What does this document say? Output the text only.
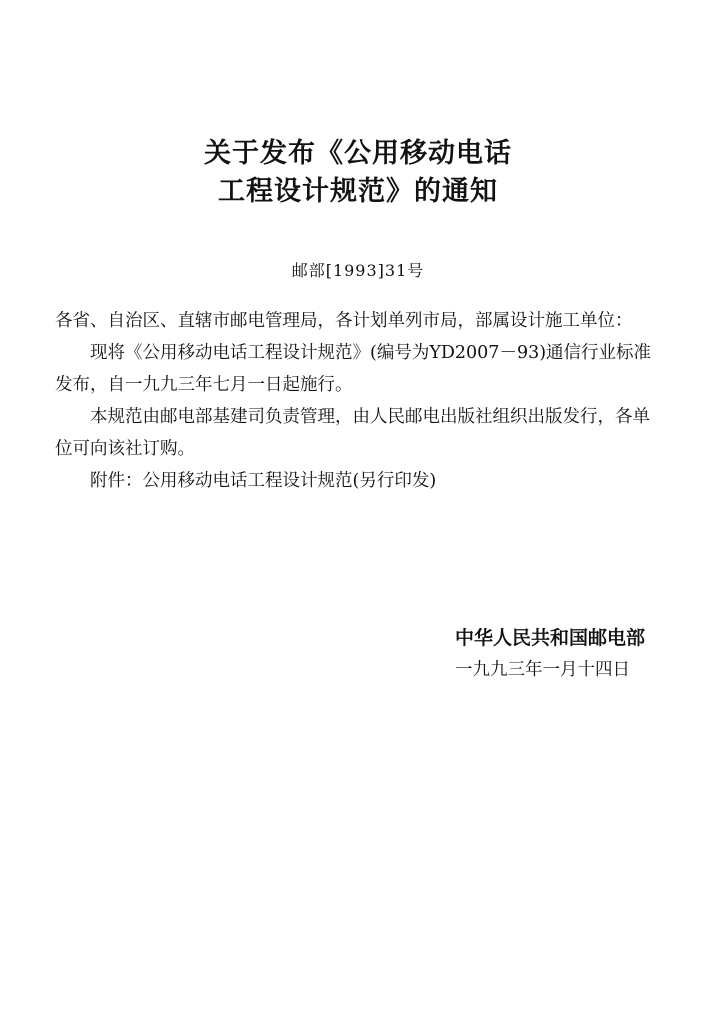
关于发布《公用移动电话
工程设计规范》的通知
邮部[1993]31号

各省、自治区、直辖市邮电管理局，各计划单列市局，部属设计施工单位：

现将《公用移动电话工程设计规范》(编号为YD2007－93)通信行业标准发布，自一九九三年七月一日起施行。

本规范由邮电部基建司负责管理，由人民邮电出版社组织出版发行，各单位可向该社订购。

附件：公用移动电话工程设计规范(另行印发)

中华人民共和国邮电部
一九九三年一月十四日
